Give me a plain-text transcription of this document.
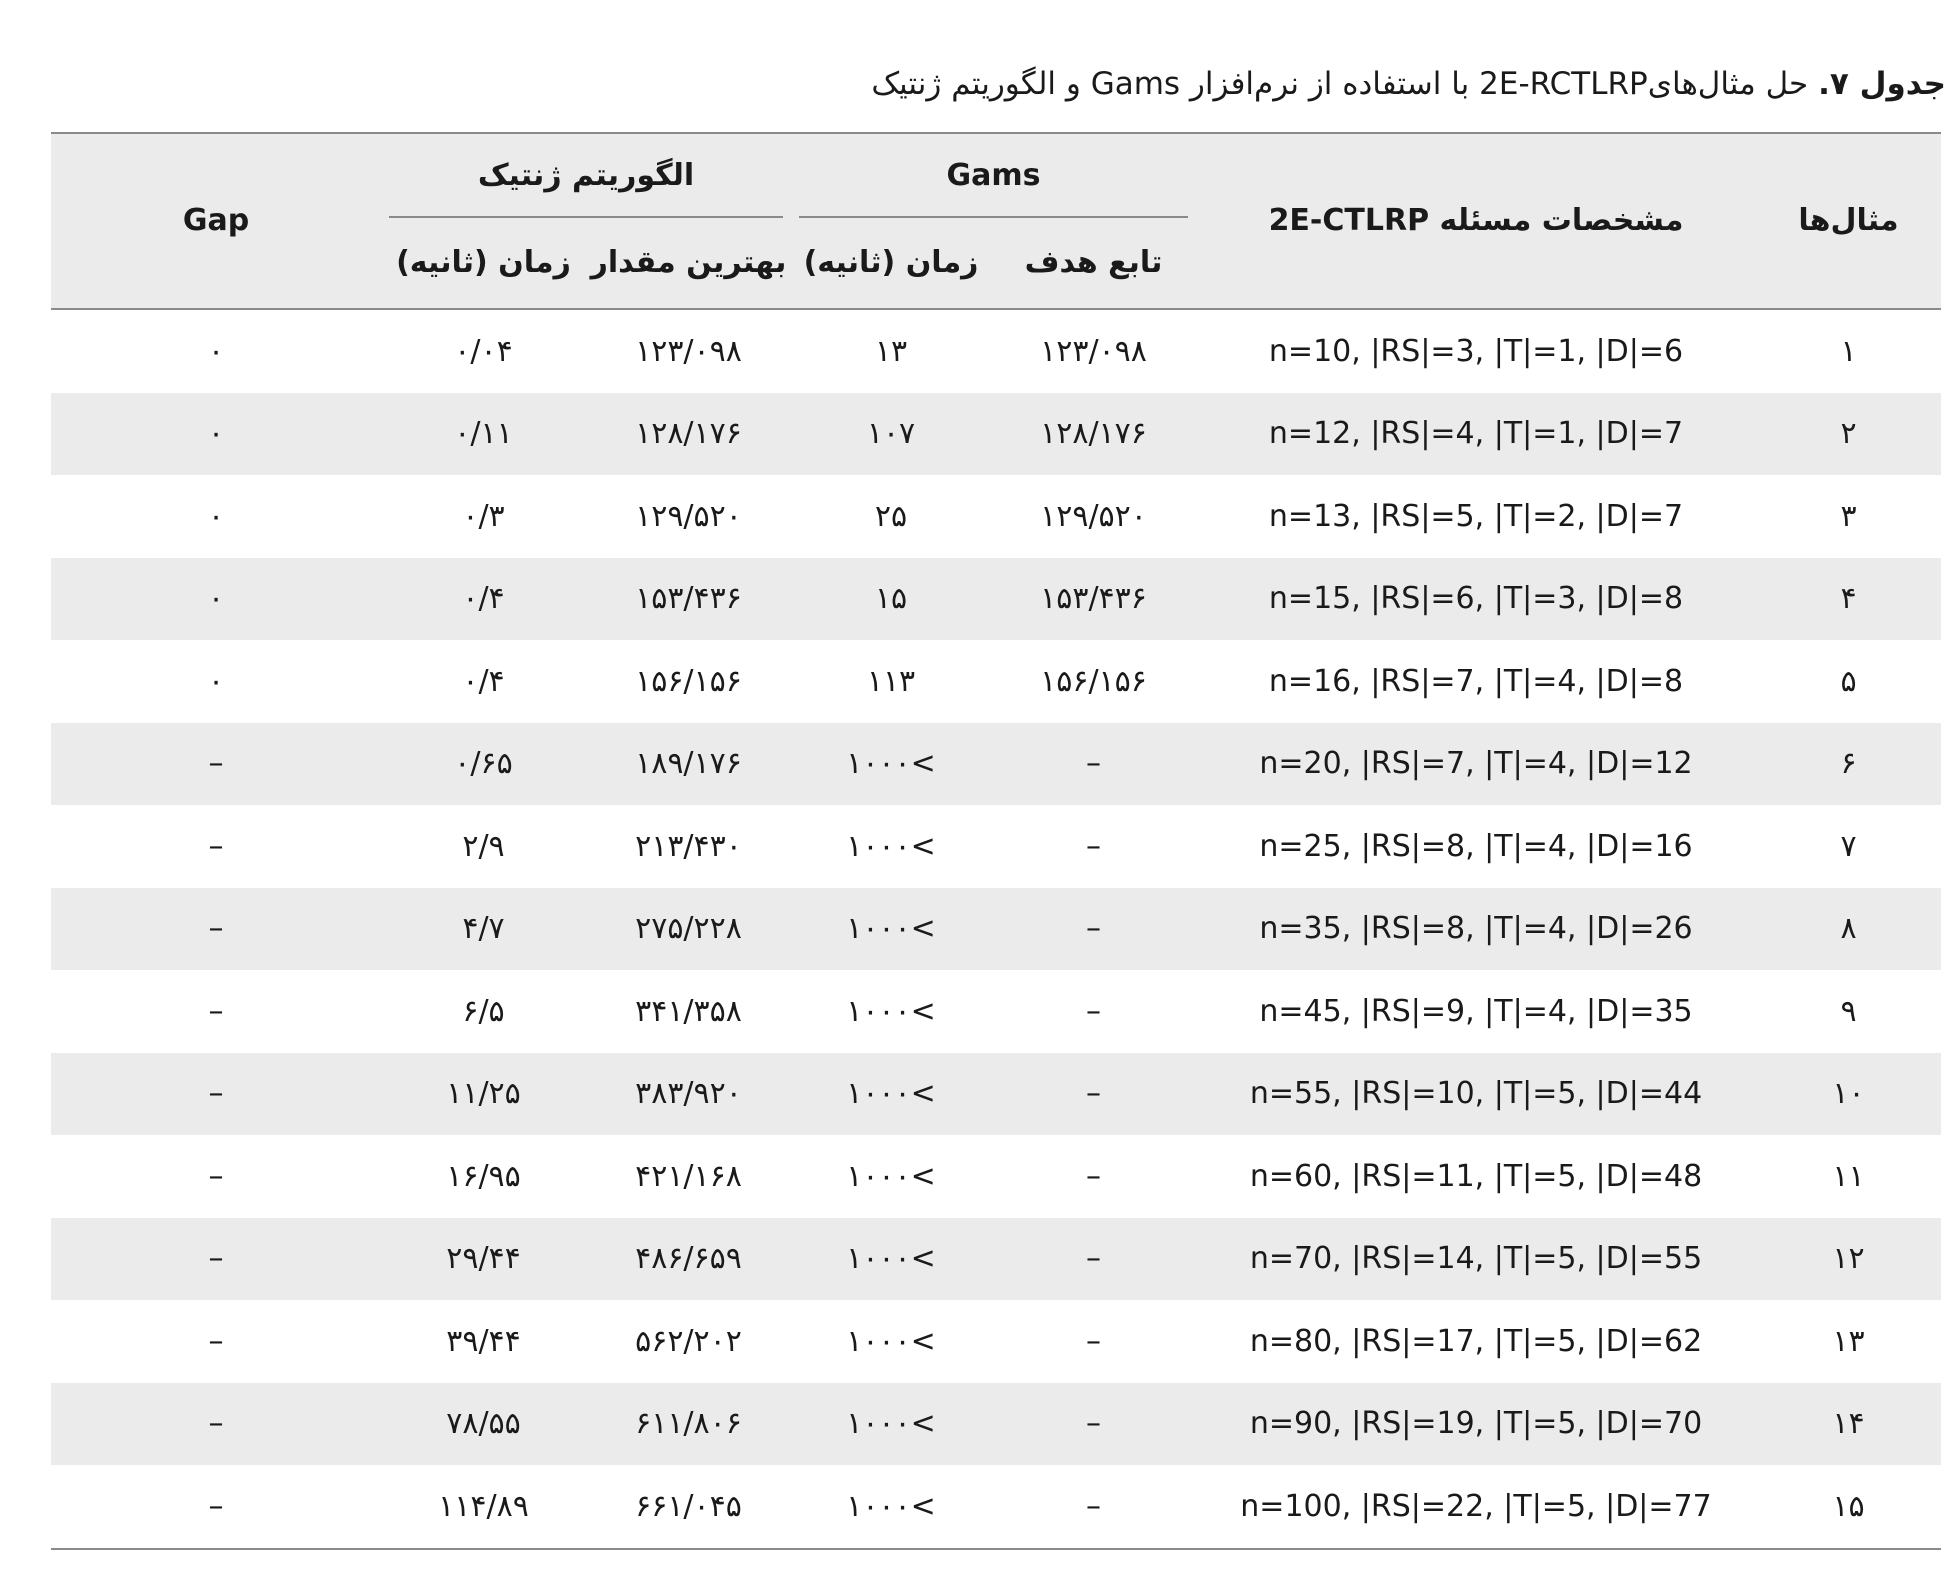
جدول ۷. حل مثال‌های2E-RCTLRP با استفاده از نرم‌افزار Gams و الگوریتم ژنتیک
مثال‌ها	مشخصات مسئله 2E-CTLRP	Gams		الگوریتم ژنتیک		Gap
		تابع هدف	زمان (ثانیه)	بهترین مقدار	زمان (ثانیه)	
۱	n=10, |RS|=3, |T|=1, |D|=6	۱۲۳/۰۹۸	۱۳	۱۲۳/۰۹۸	۰/۰۴	۰
۲	n=12, |RS|=4, |T|=1, |D|=7	۱۲۸/۱۷۶	۱۰۷	۱۲۸/۱۷۶	۰/۱۱	۰
۳	n=13, |RS|=5, |T|=2, |D|=7	۱۲۹/۵۲۰	۲۵	۱۲۹/۵۲۰	۰/۳	۰
۴	n=15, |RS|=6, |T|=3, |D|=8	۱۵۳/۴۳۶	۱۵	۱۵۳/۴۳۶	۰/۴	۰
۵	n=16, |RS|=7, |T|=4, |D|=8	۱۵۶/۱۵۶	۱۱۳	۱۵۶/۱۵۶	۰/۴	۰
۶	n=20, |RS|=7, |T|=4, |D|=12	–	>۱۰۰۰	۱۸۹/۱۷۶	۰/۶۵	–
۷	n=25, |RS|=8, |T|=4, |D|=16	–	>۱۰۰۰	۲۱۳/۴۳۰	۲/۹	–
۸	n=35, |RS|=8, |T|=4, |D|=26	–	>۱۰۰۰	۲۷۵/۲۲۸	۴/۷	–
۹	n=45, |RS|=9, |T|=4, |D|=35	–	>۱۰۰۰	۳۴۱/۳۵۸	۶/۵	–
۱۰	n=55, |RS|=10, |T|=5, |D|=44	–	>۱۰۰۰	۳۸۳/۹۲۰	۱۱/۲۵	–
۱۱	n=60, |RS|=11, |T|=5, |D|=48	–	>۱۰۰۰	۴۲۱/۱۶۸	۱۶/۹۵	–
۱۲	n=70, |RS|=14, |T|=5, |D|=55	–	>۱۰۰۰	۴۸۶/۶۵۹	۲۹/۴۴	–
۱۳	n=80, |RS|=17, |T|=5, |D|=62	–	>۱۰۰۰	۵۶۲/۲۰۲	۳۹/۴۴	–
۱۴	n=90, |RS|=19, |T|=5, |D|=70	–	>۱۰۰۰	۶۱۱/۸۰۶	۷۸/۵۵	–
۱۵	n=100, |RS|=22, |T|=5, |D|=77	–	>۱۰۰۰	۶۶۱/۰۴۵	۱۱۴/۸۹	–
